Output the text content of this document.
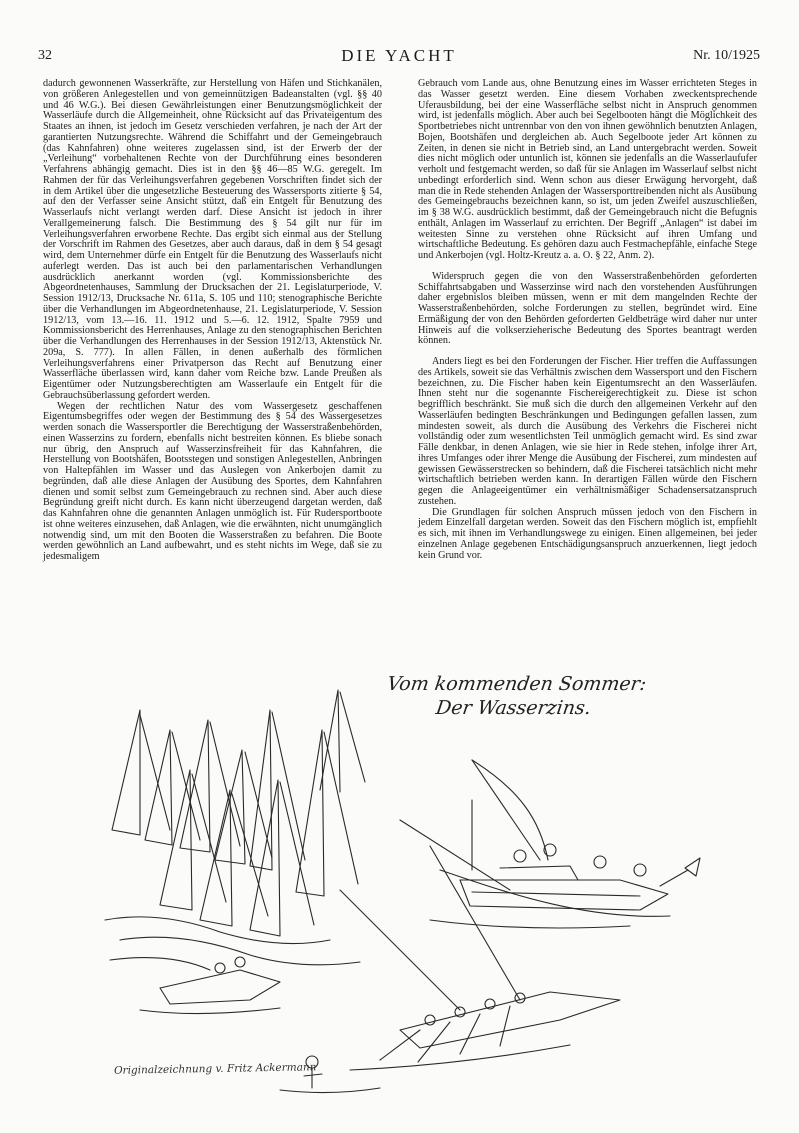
32	DIE YACHT	Nr. 10/1925

dadurch gewonnenen Wasserkräfte, zur Herstellung von Häfen und Stichkanälen, von größeren Anlegestellen und von gemeinnützigen Badeanstalten (vgl. §§ 40 und 46 W.G.). Bei diesen Gewährleistungen einer Benutzungsmöglichkeit der Wasserläufe durch die Allgemeinheit, ohne Rücksicht auf das Privateigentum des Staates an ihnen, ist jedoch im Gesetz verschieden verfahren, je nach der Art der garantierten Nutzungsrechte. Während die Schiffahrt und der Gemeingebrauch (das Kahnfahren) ohne weiteres zugelassen sind, ist der Erwerb der der „Verleihung“ vorbehaltenen Rechte von der Durchführung eines besonderen Verfahrens abhängig gemacht. Dies ist in den §§ 46—85 W.G. geregelt. Im Rahmen der für das Verleihungsverfahren gegebenen Vorschriften findet sich der in dem Artikel über die ungesetzliche Besteuerung des Wassersports zitierte § 54, auf den der Verfasser seine Ansicht stützt, daß ein Entgelt für Benutzung des Wasserlaufs nicht verlangt werden darf. Diese Ansicht ist jedoch in ihrer Verallgemeinerung falsch. Die Bestimmung des § 54 gilt nur für im Verleihungsverfahren erworbene Rechte. Das ergibt sich einmal aus der Stellung der Vorschrift im Rahmen des Gesetzes, aber auch daraus, daß in dem § 54 gesagt wird, dem Unternehmer dürfe ein Entgelt für die Benutzung des Wasserlaufs nicht auferlegt werden. Das ist auch bei den parlamentarischen Verhandlungen ausdrücklich anerkannt worden (vgl. Kommissionsberichte des Abgeordnetenhauses, Sammlung der Drucksachen der 21. Legislaturperiode, V. Session 1912/13, Drucksache Nr. 611a, S. 105 und 110; stenographische Berichte über die Verhandlungen im Abgeordnetenhause, 21. Legislaturperiode, V. Session 1912/13, vom 13.—16. 11. 1912 und 5.—6. 12. 1912, Spalte 7959 und Kommissionsbericht des Herrenhauses, Anlage zu den stenographischen Berichten über die Verhandlungen des Herrenhauses in der Session 1912/13, Aktenstück Nr. 209a, S. 777). In allen Fällen, in denen außerhalb des förmlichen Verleihungsverfahrens einer Privatperson das Recht auf Benutzung einer Wasserfläche überlassen wird, kann daher vom Reiche bzw. Lande Preußen als Eigentümer oder Nutzungsberechtigten am Wasserlaufe ein Entgelt für die Gebrauchsüberlassung gefordert werden.

Wegen der rechtlichen Natur des vom Wassergesetz geschaffenen Eigentumsbegriffes oder wegen der Bestimmung des § 54 des Wassergesetzes werden sonach die Wassersportler die Berechtigung der Wasserstraßenbehörden, einen Wasserzins zu fordern, ebenfalls nicht bestreiten können. Es bliebe sonach nur übrig, den Anspruch auf Wasserzinsfreiheit für das Kahnfahren, die Herstellung von Bootshäfen, Bootsstegen und sonstigen Anlegestellen, Anbringen von Haltepfählen im Wasser und das Auslegen von Ankerbojen damit zu begründen, daß alle diese Anlagen der Ausübung des Sportes, dem Kahnfahren dienen und somit selbst zum Gemeingebrauch zu rechnen sind. Aber auch diese Begründung greift nicht durch. Es kann nicht überzeugend dargetan werden, daß das Kahnfahren ohne die genannten Anlagen unmöglich ist. Für Rudersportboote ist ohne weiteres einzusehen, daß Anlagen, wie die erwähnten, nicht unumgänglich notwendig sind, um mit den Booten die Wasserstraßen zu befahren. Die Boote werden gewöhnlich an Land aufbewahrt, und es steht nichts im Wege, daß sie zu jedesmaligem

Gebrauch vom Lande aus, ohne Benutzung eines im Wasser errichteten Steges in das Wasser gesetzt werden. Eine diesem Vorhaben zweckentsprechende Uferausbildung, bei der eine Wasserfläche selbst nicht in Anspruch genommen wird, ist jedenfalls möglich. Aber auch bei Segelbooten hängt die Möglichkeit des Sportbetriebes nicht untrennbar von den von ihnen gewöhnlich benutzten Anlagen, Bojen, Bootshäfen und dergleichen ab. Auch Segelboote jeder Art können zu Zeiten, in denen sie nicht in Betrieb sind, an Land untergebracht werden. Soweit dies nicht möglich oder untunlich ist, können sie jedenfalls an die Wasserlaufufer verholt und festgemacht werden, so daß für sie Anlagen im Wasserlauf selbst nicht unbedingt erforderlich sind. Wenn schon aus dieser Erwägung hervorgeht, daß man die in Rede stehenden Anlagen der Wassersporttreibenden nicht als Ausübung des Gemeingebrauchs bezeichnen kann, so ist, um jeden Zweifel auszuschließen, im § 38 W.G. ausdrücklich bestimmt, daß der Gemeingebrauch nicht die Befugnis enthält, Anlagen im Wasserlauf zu errichten. Der Begriff „Anlagen“ ist dabei im weitesten Sinne zu verstehen ohne Rücksicht auf ihren Umfang und wirtschaftliche Bedeutung. Es gehören dazu auch Festmachepfähle, einfache Stege und Ankerbojen (vgl. Holtz-Kreutz a. a. O. § 22, Anm. 2).

Widerspruch gegen die von den Wasserstraßenbehörden geforderten Schiffahrtsabgaben und Wasserzinse wird nach den vorstehenden Ausführungen daher ergebnislos bleiben müssen, wenn er mit dem mangelnden Rechte der Wasserstraßenbehörden, solche Forderungen zu stellen, begründet wird. Eine Ermäßigung der von den Behörden geforderten Geldbeträge wird daher nur unter Hinweis auf die volkserzieherische Bedeutung des Sportes beantragt werden können.

Anders liegt es bei den Forderungen der Fischer. Hier treffen die Auffassungen des Artikels, soweit sie das Verhältnis zwischen dem Wassersport und den Fischern bezeichnen, zu. Die Fischer haben kein Eigentumsrecht an den Wasserläufen. Ihnen steht nur die sogenannte Fischereigerechtigkeit zu. Diese ist schon begrifflich beschränkt. Sie muß sich die durch den allgemeinen Verkehr auf den Wasserläufen bedingten Beschränkungen und Bedingungen gefallen lassen, zum mindesten soweit, als durch die Ausübung des Verkehrs die Fischerei nicht vollständig oder zum wesentlichsten Teil unmöglich gemacht wird. Es sind zwar Fälle denkbar, in denen Anlagen, wie sie hier in Rede stehen, infolge ihrer Art, ihres Umfanges oder ihrer Menge die Ausübung der Fischerei, zum mindesten auf gewissen Gewässerstrecken so behindern, daß die Fischerei tatsächlich nicht mehr wirtschaftlich betrieben werden kann. In derartigen Fällen würde den Fischern gegen die Anlageeigentümer ein verhältnismäßiger Schadensersatzanspruch zustehen.

Die Grundlagen für solchen Anspruch müssen jedoch von den Fischern in jedem Einzelfall dargetan werden. Soweit das den Fischern möglich ist, empfiehlt es sich, mit ihnen im Verhandlungswege zu einigen. Einen allgemeinen, bei jeder einzelnen Anlage gegebenen Entschädigungsanspruch anzuerkennen, liegt jedoch kein Grund vor.

Vom kommenden Sommer:
Der Wasserzins.
Originalzeichnung v. Fritz Ackermann
